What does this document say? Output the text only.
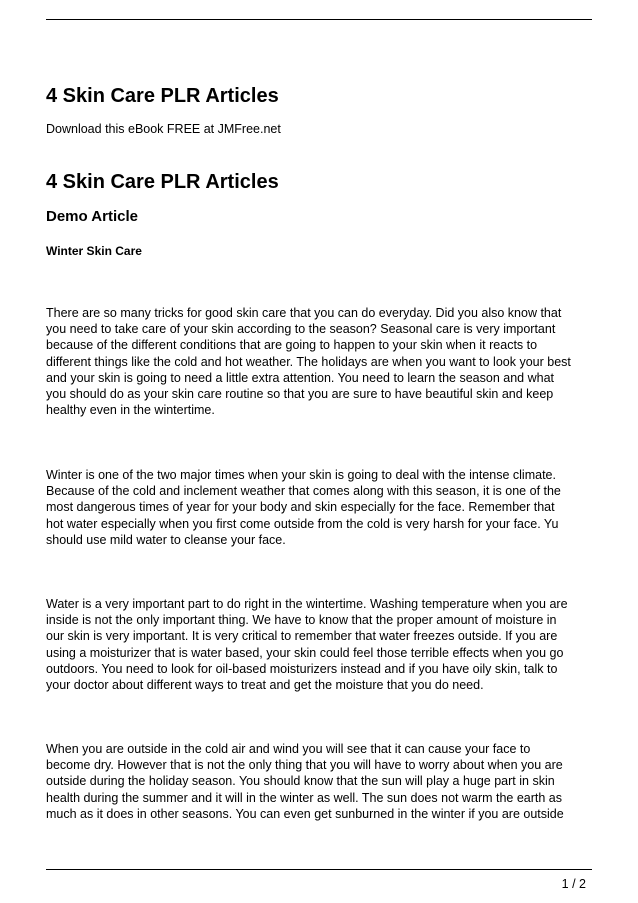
4 Skin Care PLR Articles

Download this eBook FREE at JMFree.net

4 Skin Care PLR Articles
Demo Article
Winter Skin Care
There are so many tricks for good skin care that you can do everyday. Did you also know that
you need to take care of your skin according to the season? Seasonal care is very important
because of the different conditions that are going to happen to your skin when it reacts to
different things like the cold and hot weather. The holidays are when you want to look your best
and your skin is going to need a little extra attention. You need to learn the season and what
you should do as your skin care routine so that you are sure to have beautiful skin and keep
healthy even in the wintertime.
Winter is one of the two major times when your skin is going to deal with the intense climate.
Because of the cold and inclement weather that comes along with this season, it is one of the
most dangerous times of year for your body and skin especially for the face. Remember that
hot water especially when you first come outside from the cold is very harsh for your face. Yu
should use mild water to cleanse your face.
Water is a very important part to do right in the wintertime. Washing temperature when you are
inside is not the only important thing. We have to know that the proper amount of moisture in
our skin is very important. It is very critical to remember that water freezes outside. If you are
using a moisturizer that is water based, your skin could feel those terrible effects when you go
outdoors. You need to look for oil-based moisturizers instead and if you have oily skin, talk to
your doctor about different ways to treat and get the moisture that you do need.
When you are outside in the cold air and wind you will see that it can cause your face to
become dry. However that is not the only thing that you will have to worry about when you are
outside during the holiday season. You should know that the sun will play a huge part in skin
health during the summer and it will in the winter as well. The sun does not warm the earth as
much as it does in other seasons. You can even get sunburned in the winter if you are outside
1 / 2
